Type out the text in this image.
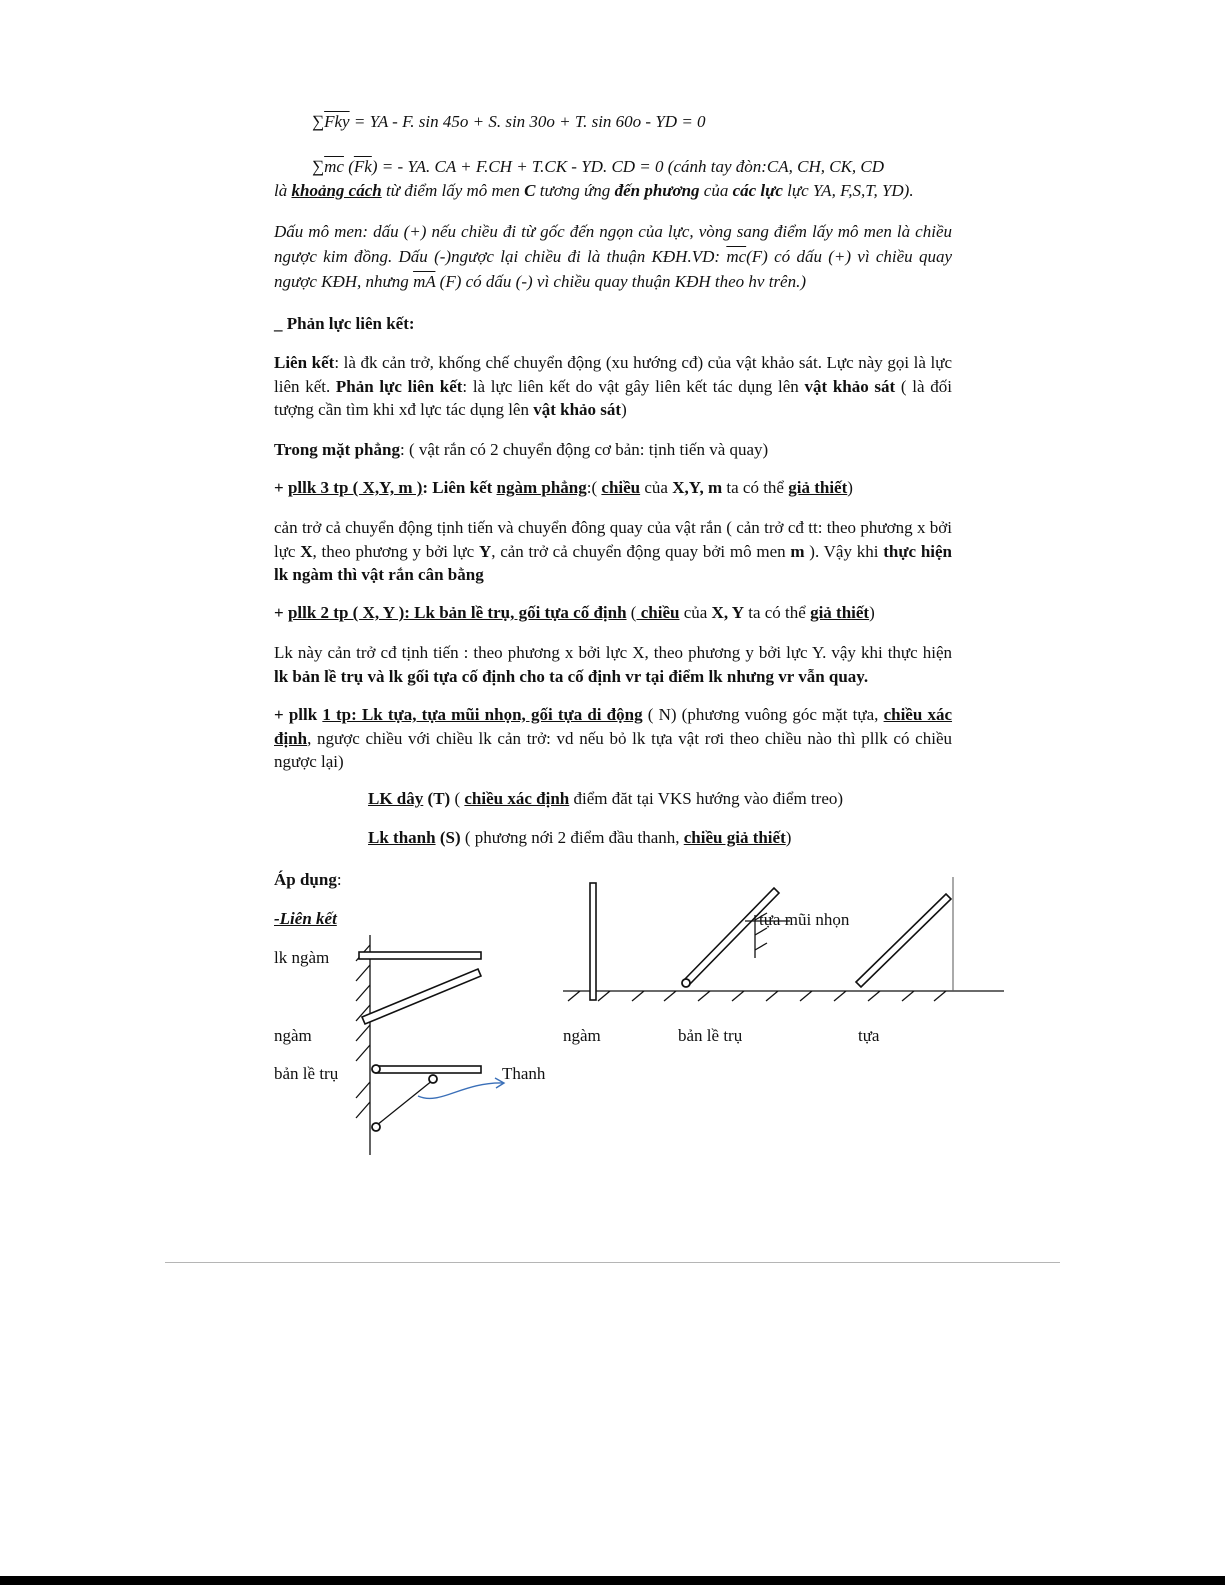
$\sum\overline{Fky}$ = YA - F. sin 45o + S. sin 30o + T. sin 60o - YD = 0

$\sum\overline{mc}$ $(\overline{Fk})$ = - YA. CA + F.CH + T.CK - YD. CD = 0 (cánh tay đòn:CA, CH, CK, CD

là khoảng cách từ điểm lấy mô men C tương ứng đến phương của các lực lực YA, F,S,T, YD).

Dấu mô men: dấu (+) nếu chiều đi từ gốc đến ngọn của lực, vòng sang điểm lấy mô men là chiều ngược kim đồng. Dấu (-)ngược lại chiều đi là thuận KĐH.VD: $\overline{mc}(F)$ có dấu (+) vì chiều quay ngược KĐH, nhưng $\overline{mA}$ (F) có dấu (-) vì chiều quay thuận KĐH theo hv trên.)

_ Phản lực liên kết:

Liên kết: là đk cản trở, khống chế chuyển động (xu hướng cđ) của vật khảo sát. Lực này gọi là lực liên kết. Phản lực liên kết: là lực liên kết do vật gây liên kết tác dụng lên vật khảo sát ( là đối tượng cần tìm khi xđ lực tác dụng lên vật khảo sát)

Trong mặt phẳng: ( vật rắn có 2 chuyển động cơ bản: tịnh tiến và quay)

+ pllk 3 tp ( X,Y, m ): Liên kết ngàm phẳng:( chiều của X,Y, m ta có thể giả thiết)

cản trở cả chuyển động tịnh tiến và chuyển đông quay của vật rắn ( cản trở cđ tt: theo phương x bởi lực X, theo phương y bởi lực Y, cản trở cả chuyển động quay bởi mô men m ). Vậy khi thực hiện lk ngàm thì vật rắn cân bằng

+ pllk 2 tp ( X, Y ): Lk bản lề trụ, gối tựa cố định ( chiều của X, Y ta có thể giả thiết)

Lk này cản trở cđ tịnh tiến : theo phương x bởi lực X, theo phương y bởi lực Y. vậy khi thực hiện lk bản lề trụ và lk gối tựa cố định cho ta cố định vr tại điểm lk nhưng vr vẫn quay.

+ pllk 1 tp: Lk tựa, tựa mũi nhọn, gối tựa di động ( N) (phương vuông góc mặt tựa, chiều xác định, ngược chiều với chiều lk cản trở: vd nếu bỏ lk tựa vật rơi theo chiều nào thì pllk có chiều ngược lại)

LK dây (T) ( chiều xác định điểm đăt tại VKS hướng vào điểm treo)

Lk thanh (S) ( phương nới 2 điểm đầu thanh, chiều giả thiết)

Áp dụng:

-Liên kết

lk ngàm

ngàm

bản lề trụ	Thanh

tựa mũi nhọn

ngàm	bản lề trụ	tựa
